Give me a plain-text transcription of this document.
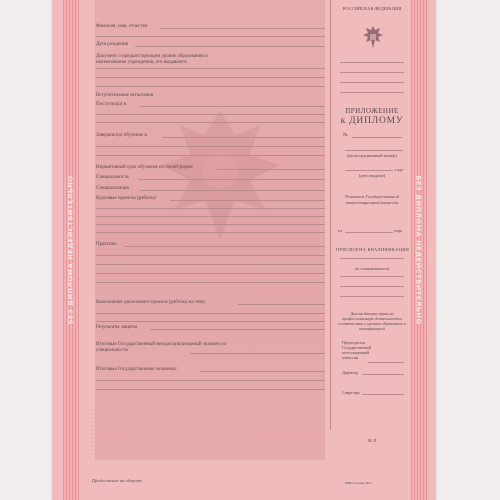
БЕЗ ДИПЛОМА НЕДЕЙСТВИТЕЛЬНО	БЕЗ ДИПЛОМА НЕДЕЙСТВИТЕЛЬНО
Фамилия, имя, отчество
Дата рождения
Документ о предшествующем уровне образования и наименование учреждения, его выдавшего
Вступительные испытания
Поступил(а) в
Завершил(а) обучение в
Нормативный срок обучения по очной форме
Специальность
Специализация
Курсовые проекты (работы):
Практики
Выполнение дипломного проекта (работы) на тему:
Результаты защиты
Итоговые Государственный междисциплинарный экзамен по специальности
Итоговые Государственные экзамены:
Продолжение на обороте
РОССИЙСКАЯ ФЕДЕРАЦИЯ
ПРИЛОЖЕНИЕ
к ДИПЛОМУ
№
(регистрационный номер)
года
(дата выдачи)
Решением Государственной аттестационной комиссии
от	года
ПРИСВОЕНА КВАЛИФИКАЦИЯ
по специальности
Диплом дающих право на профессиональную деятельность в соответствии с уровнем образования и квалификацией
Председатель Государственной аттестационной комиссии
Директор
Секретарь
М. П.
ИББ Госзнак 2011
